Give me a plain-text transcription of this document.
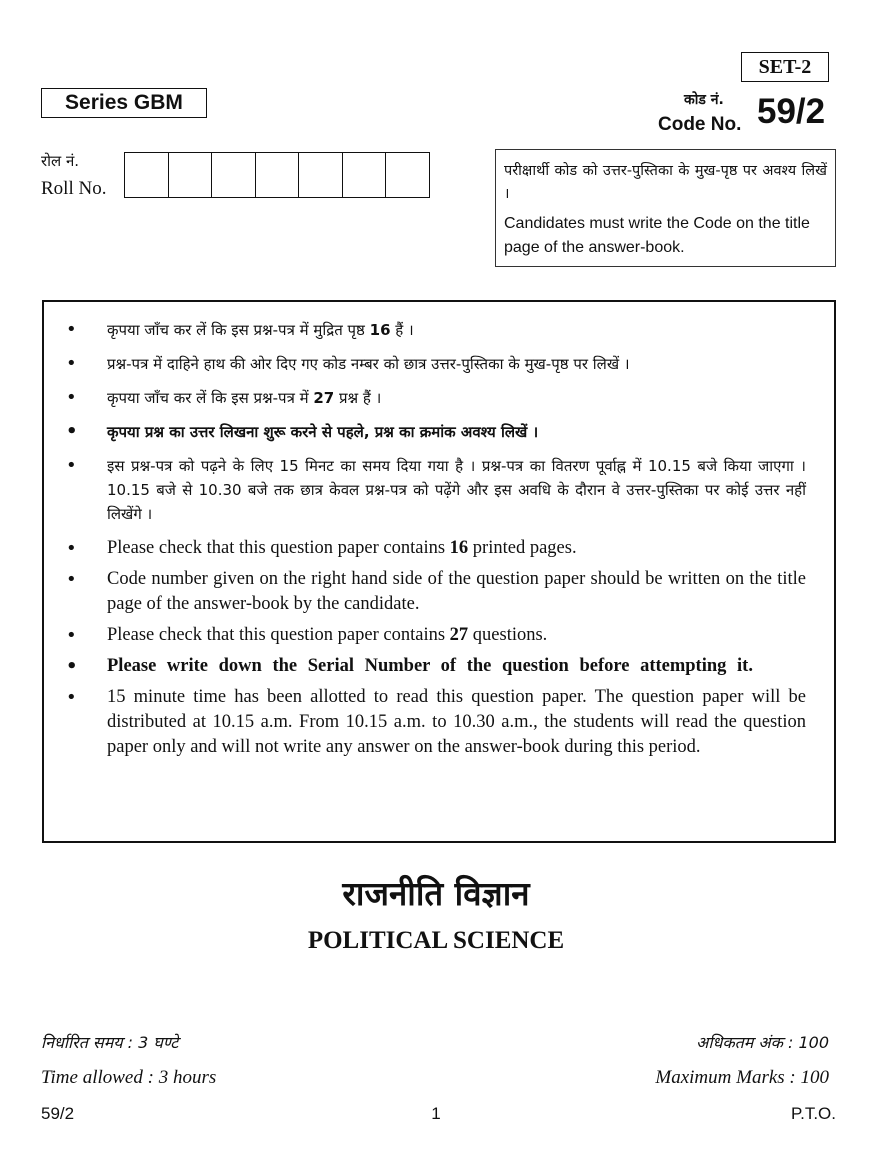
SET-2
Series GBM	कोड नं.
Code No. 59/2
रोल नं.
Roll No.
परीक्षार्थी कोड को उत्तर-पुस्तिका के मुख-पृष्ठ पर अवश्य लिखें ।
Candidates must write the Code on the title page of the answer-book.
• कृपया जाँच कर लें कि इस प्रश्न-पत्र में मुद्रित पृष्ठ 16 हैं ।
• प्रश्न-पत्र में दाहिने हाथ की ओर दिए गए कोड नम्बर को छात्र उत्तर-पुस्तिका के मुख-पृष्ठ पर लिखें ।
• कृपया जाँच कर लें कि इस प्रश्न-पत्र में 27 प्रश्न हैं ।
• कृपया प्रश्न का उत्तर लिखना शुरू करने से पहले, प्रश्न का क्रमांक अवश्य लिखें ।
• इस प्रश्न-पत्र को पढ़ने के लिए 15 मिनट का समय दिया गया है । प्रश्न-पत्र का वितरण पूर्वाह्न में 10.15 बजे किया जाएगा । 10.15 बजे से 10.30 बजे तक छात्र केवल प्रश्न-पत्र को पढ़ेंगे और इस अवधि के दौरान वे उत्तर-पुस्तिका पर कोई उत्तर नहीं लिखेंगे ।
• Please check that this question paper contains 16 printed pages.
• Code number given on the right hand side of the question paper should be written on the title page of the answer-book by the candidate.
• Please check that this question paper contains 27 questions.
• Please write down the Serial Number of the question before attempting it.
• 15 minute time has been allotted to read this question paper. The question paper will be distributed at 10.15 a.m. From 10.15 a.m. to 10.30 a.m., the students will read the question paper only and will not write any answer on the answer-book during this period.
राजनीति विज्ञान
POLITICAL SCIENCE
निर्धारित समय : 3 घण्टे	अधिकतम अंक : 100
Time allowed : 3 hours	Maximum Marks : 100
59/2	1	P.T.O.
